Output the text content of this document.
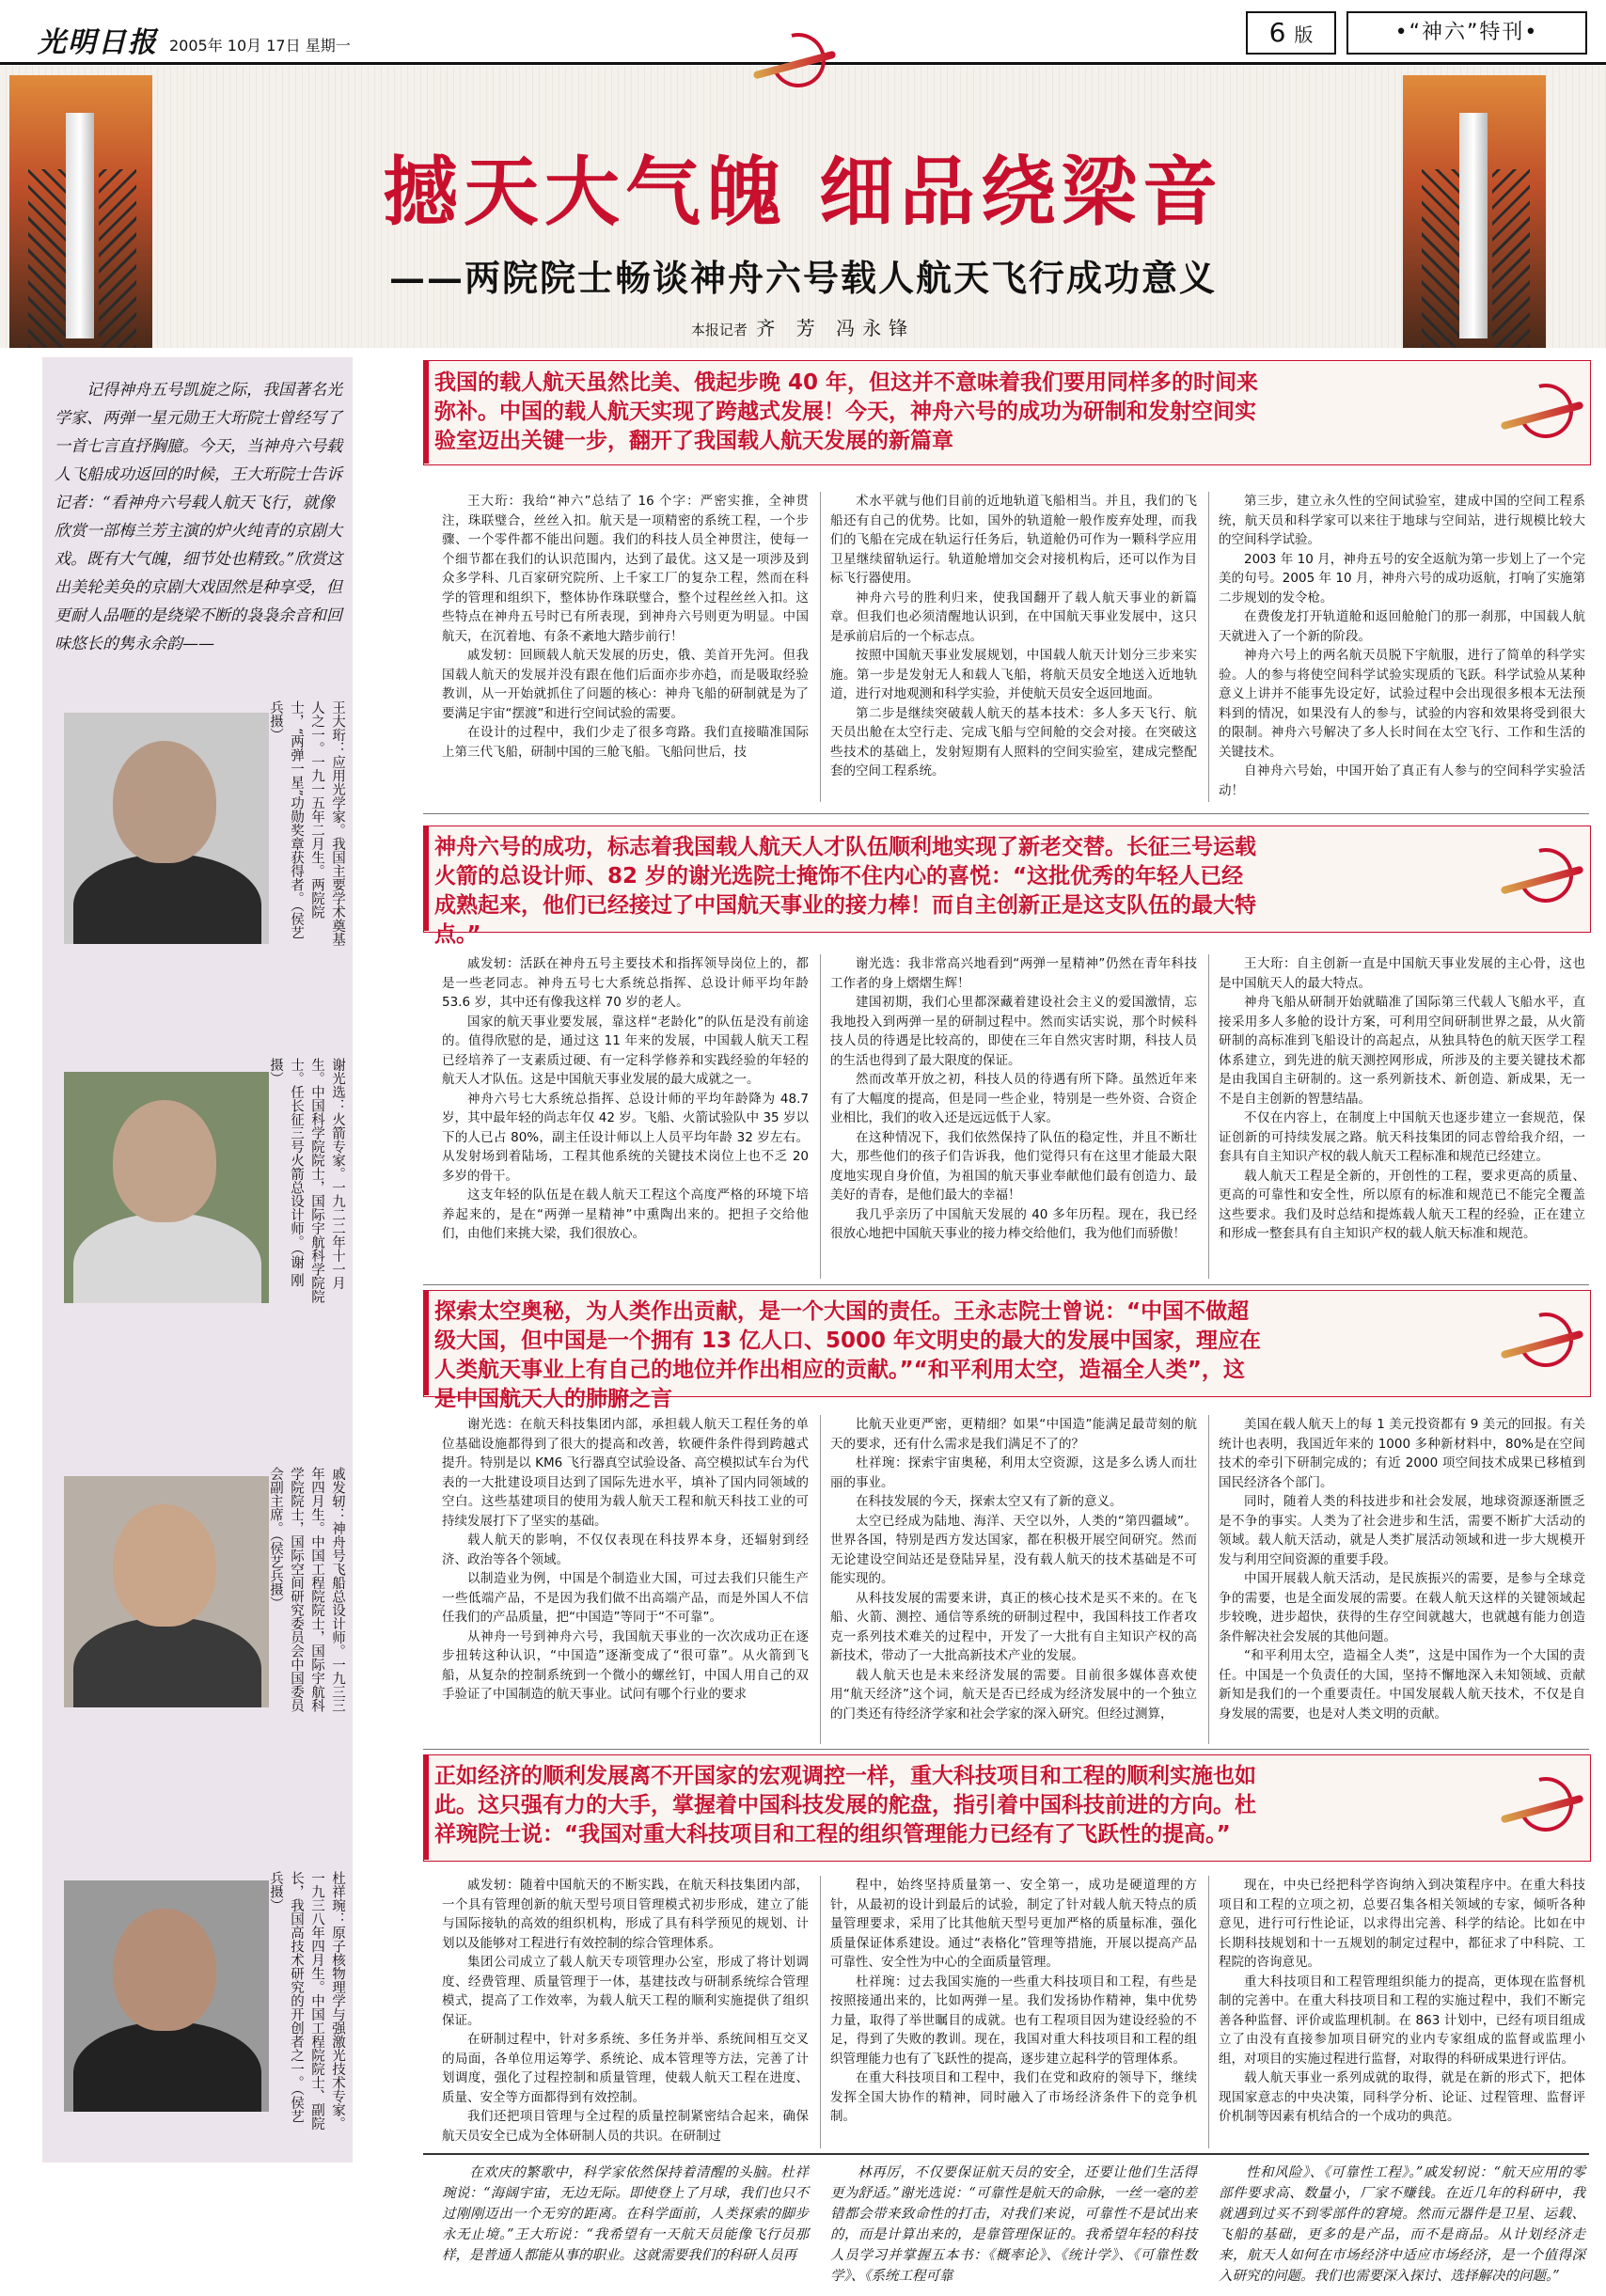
光明日报 2005年 10月 17日 星期一	6 版	•“神六”特刊•
撼天大气魄 细品绕梁音
——两院院士畅谈神舟六号载人航天飞行成功意义
本报记者 齐 芳 冯永锋
记得神舟五号凯旋之际，我国著名光学家、两弹一星元勋王大珩院士曾经写了一首七言直抒胸臆。今天，当神舟六号载人飞船成功返回的时候，王大珩院士告诉记者：“看神舟六号载人航天飞行，就像欣赏一部梅兰芳主演的炉火纯青的京剧大戏。既有大气魄，细节处也精致。”欣赏这出美轮美奂的京剧大戏固然是种享受，但更耐人品咂的是绕梁不断的袅袅余音和回味悠长的隽永余韵——
王大珩：应用光学家。我国主要学术奠基人之一。一九一五年二月生。两院院士，“两弹一星”功勋奖章获得者。（侯艺兵摄）
谢光选：火箭专家。一九二二年十一月生。中国科学院院士，国际宇航科学院院士。任长征三号火箭总设计师。（谢 刚摄）
戚发轫：神舟号飞船总设计师。一九三三年四月生。中国工程院院士，国际宇航科学院院士，国际空间研究委员会中国委员会副主席。（侯艺兵摄）
杜祥琬：原子核物理学与强激光技术专家。一九三八年四月生。中国工程院院士、副院长，我国高技术研究的开创者之一。（侯艺兵摄）
我国的载人航天虽然比美、俄起步晚 40 年，但这并不意味着我们要用同样多的时间来弥补。中国的载人航天实现了跨越式发展！今天，神舟六号的成功为研制和发射空间实验室迈出关键一步，翻开了我国载人航天发展的新篇章

王大珩：我给“神六”总结了 16 个字：严密实推，全神贯注，珠联璧合，丝丝入扣。航天是一项精密的系统工程，一个步骤、一个零件都不能出问题。我们的科技人员全神贯注，使每一个细节都在我们的认识范围内，达到了最优。这又是一项涉及到众多学科、几百家研究院所、上千家工厂的复杂工程，然而在科学的管理和组织下，整体协作珠联璧合，整个过程丝丝入扣。这些特点在神舟五号时已有所表现，到神舟六号则更为明显。中国航天，在沉着地、有条不紊地大踏步前行！

戚发轫：回顾载人航天发展的历史，俄、美首开先河。但我国载人航天的发展并没有跟在他们后面亦步亦趋，而是吸取经验教训，从一开始就抓住了问题的核心：神舟飞船的研制就是为了要满足宇宙“摆渡”和进行空间试验的需要。

在设计的过程中，我们少走了很多弯路。我们直接瞄准国际上第三代飞船，研制中国的三舱飞船。飞船问世后，技

术水平就与他们目前的近地轨道飞船相当。并且，我们的飞船还有自己的优势。比如，国外的轨道舱一般作废弃处理，而我们的飞船在完成在轨运行任务后，轨道舱仍可作为一颗科学应用卫星继续留轨运行。轨道舱增加交会对接机构后，还可以作为目标飞行器使用。

神舟六号的胜利归来，使我国翻开了载人航天事业的新篇章。但我们也必须清醒地认识到，在中国航天事业发展中，这只是承前启后的一个标志点。

按照中国航天事业发展规划，中国载人航天计划分三步来实施。第一步是发射无人和载人飞船，将航天员安全地送入近地轨道，进行对地观测和科学实验，并使航天员安全返回地面。

第二步是继续突破载人航天的基本技术：多人多天飞行、航天员出舱在太空行走、完成飞船与空间舱的交会对接。在突破这些技术的基础上，发射短期有人照料的空间实验室，建成完整配套的空间工程系统。

第三步，建立永久性的空间试验室，建成中国的空间工程系统，航天员和科学家可以来往于地球与空间站，进行规模比较大的空间科学试验。

2003 年 10 月，神舟五号的安全返航为第一步划上了一个完美的句号。2005 年 10 月，神舟六号的成功返航，打响了实施第二步规划的发令枪。

在费俊龙打开轨道舱和返回舱舱门的那一刹那，中国载人航天就进入了一个新的阶段。

神舟六号上的两名航天员脱下宇航服，进行了简单的科学实验。人的参与将使空间科学试验实现质的飞跃。科学试验从某种意义上讲并不能事先设定好，试验过程中会出现很多根本无法预料到的情况，如果没有人的参与，试验的内容和效果将受到很大的限制。神舟六号解决了多人长时间在太空飞行、工作和生活的关键技术。

自神舟六号始，中国开始了真正有人参与的空间科学实验活动！

神舟六号的成功，标志着我国载人航天人才队伍顺利地实现了新老交替。长征三号运载火箭的总设计师、82 岁的谢光选院士掩饰不住内心的喜悦：“这批优秀的年轻人已经成熟起来，他们已经接过了中国航天事业的接力棒！而自主创新正是这支队伍的最大特点。”

戚发轫：活跃在神舟五号主要技术和指挥领导岗位上的，都是一些老同志。神舟五号七大系统总指挥、总设计师平均年龄 53.6 岁，其中还有像我这样 70 岁的老人。

国家的航天事业要发展，靠这样“老龄化”的队伍是没有前途的。值得欣慰的是，通过这 11 年来的发展，中国载人航天工程已经培养了一支素质过硬、有一定科学修养和实践经验的年轻的航天人才队伍。这是中国航天事业发展的最大成就之一。

神舟六号七大系统总指挥、总设计师的平均年龄降为 48.7 岁，其中最年轻的尚志年仅 42 岁。飞船、火箭试验队中 35 岁以下的人已占 80%，副主任设计师以上人员平均年龄 32 岁左右。从发射场到着陆场，工程其他系统的关键技术岗位上也不乏 20 多岁的骨干。

这支年轻的队伍是在载人航天工程这个高度严格的环境下培养起来的，是在“两弹一星精神”中熏陶出来的。把担子交给他们，由他们来挑大梁，我们很放心。

谢光选：我非常高兴地看到“两弹一星精神”仍然在青年科技工作者的身上熠熠生辉！

建国初期，我们心里都深藏着建设社会主义的爱国激情，忘我地投入到两弹一星的研制过程中。然而实话实说，那个时候科技人员的待遇是比较高的，即使在三年自然灾害时期，科技人员的生活也得到了最大限度的保证。

然而改革开放之初，科技人员的待遇有所下降。虽然近年来有了大幅度的提高，但是同一些企业，特别是一些外资、合资企业相比，我们的收入还是远远低于人家。

在这种情况下，我们依然保持了队伍的稳定性，并且不断壮大，那些他们的孩子们告诉我，他们觉得只有在这里才能最大限度地实现自身价值，为祖国的航天事业奉献他们最有创造力、最美好的青春，是他们最大的幸福！

我几乎亲历了中国航天发展的 40 多年历程。现在，我已经很放心地把中国航天事业的接力棒交给他们，我为他们而骄傲！

王大珩：自主创新一直是中国航天事业发展的主心骨，这也是中国航天人的最大特点。

神舟飞船从研制开始就瞄准了国际第三代载人飞船水平，直接采用多人多舱的设计方案，可利用空间研制世界之最，从火箭研制的高标准到飞船设计的高起点，从独具特色的航天医学工程体系建立，到先进的航天测控网形成，所涉及的主要关键技术都是由我国自主研制的。这一系列新技术、新创造、新成果，无一不是自主创新的智慧结晶。

不仅在内容上，在制度上中国航天也逐步建立一套规范，保证创新的可持续发展之路。航天科技集团的同志曾给我介绍，一套具有自主知识产权的载人航天工程标准和规范已经建立。

载人航天工程是全新的，开创性的工程，要求更高的质量、更高的可靠性和安全性，所以原有的标准和规范已不能完全覆盖这些要求。我们及时总结和提炼载人航天工程的经验，正在建立和形成一整套具有自主知识产权的载人航天标准和规范。

探索太空奥秘，为人类作出贡献，是一个大国的责任。王永志院士曾说：“中国不做超级大国，但中国是一个拥有 13 亿人口、5000 年文明史的最大的发展中国家，理应在人类航天事业上有自己的地位并作出相应的贡献。”“和平利用太空，造福全人类”，这是中国航天人的肺腑之言

谢光选：在航天科技集团内部，承担载人航天工程任务的单位基础设施都得到了很大的提高和改善，软硬件条件得到跨越式提升。特别是以 KM6 飞行器真空试验设备、高空模拟试车台为代表的一大批建设项目达到了国际先进水平，填补了国内同领域的空白。这些基建项目的使用为载人航天工程和航天科技工业的可持续发展打下了坚实的基础。

载人航天的影响，不仅仅表现在科技界本身，还辐射到经济、政治等各个领域。

以制造业为例，中国是个制造业大国，可过去我们只能生产一些低端产品，不是因为我们做不出高端产品，而是外国人不信任我们的产品质量，把“中国造”等同于“不可靠”。

从神舟一号到神舟六号，我国航天事业的一次次成功正在逐步扭转这种认识，“中国造”逐渐变成了“很可靠”。从火箭到飞船，从复杂的控制系统到一个微小的螺丝钉，中国人用自己的双手验证了中国制造的航天事业。试问有哪个行业的要求

比航天业更严密，更精细？如果“中国造”能满足最苛刻的航天的要求，还有什么需求是我们满足不了的？

杜祥琬：探索宇宙奥秘，利用太空资源，这是多么诱人而壮丽的事业。

在科技发展的今天，探索太空又有了新的意义。

太空已经成为陆地、海洋、天空以外，人类的“第四疆域”。世界各国，特别是西方发达国家，都在积极开展空间研究。然而无论建设空间站还是登陆异星，没有载人航天的技术基础是不可能实现的。

从科技发展的需要来讲，真正的核心技术是买不来的。在飞船、火箭、测控、通信等系统的研制过程中，我国科技工作者攻克一系列技术难关的过程中，开发了一大批有自主知识产权的高新技术，带动了一大批高新技术产业的发展。

载人航天也是未来经济发展的需要。目前很多媒体喜欢使用“航天经济”这个词，航天是否已经成为经济发展中的一个独立的门类还有待经济学家和社会学家的深入研究。但经过测算，

美国在载人航天上的每 1 美元投资都有 9 美元的回报。有关统计也表明，我国近年来的 1000 多种新材料中，80%是在空间技术的牵引下研制完成的；有近 2000 项空间技术成果已移植到国民经济各个部门。

同时，随着人类的科技进步和社会发展，地球资源逐渐匮乏是不争的事实。人类为了社会进步和生活，需要不断扩大活动的领域。载人航天活动，就是人类扩展活动领域和进一步大规模开发与利用空间资源的重要手段。

中国开展载人航天活动，是民族振兴的需要，是参与全球竞争的需要，也是全面发展的需要。在载人航天这样的关键领域起步较晚，进步超快，获得的生存空间就越大，也就越有能力创造条件解决社会发展的其他问题。

“和平利用太空，造福全人类”，这是中国作为一个大国的责任。中国是一个负责任的大国，坚持不懈地深入未知领域、贡献新知是我们的一个重要责任。中国发展载人航天技术，不仅是自身发展的需要，也是对人类文明的贡献。

正如经济的顺利发展离不开国家的宏观调控一样，重大科技项目和工程的顺利实施也如此。这只强有力的大手，掌握着中国科技发展的舵盘，指引着中国科技前进的方向。杜祥琬院士说：“我国对重大科技项目和工程的组织管理能力已经有了飞跃性的提高。”

戚发轫：随着中国航天的不断实践，在航天科技集团内部，一个具有管理创新的航天型号项目管理模式初步形成，建立了能与国际接轨的高效的组织机构，形成了具有科学预见的规划、计划以及能够对工程进行有效控制的综合管理体系。

集团公司成立了载人航天专项管理办公室，形成了将计划调度、经费管理、质量管理于一体，基建技改与研制系统综合管理模式，提高了工作效率，为载人航天工程的顺利实施提供了组织保证。

在研制过程中，针对多系统、多任务并举、系统间相互交叉的局面，各单位用运筹学、系统论、成本管理等方法，完善了计划调度，强化了过程控制和质量管理，使载人航天工程在进度、质量、安全等方面都得到有效控制。

我们还把项目管理与全过程的质量控制紧密结合起来，确保航天员安全已成为全体研制人员的共识。在研制过

程中，始终坚持质量第一、安全第一，成功是硬道理的方针，从最初的设计到最后的试验，制定了针对载人航天特点的质量管理要求，采用了比其他航天型号更加严格的质量标准，强化质量保证体系建设。通过“表格化”管理等措施，开展以提高产品可靠性、安全性为中心的全面质量管理。

杜祥琬：过去我国实施的一些重大科技项目和工程，有些是按照接通出来的，比如两弹一星。我们发扬协作精神，集中优势力量，取得了举世瞩目的成就。也有工程项目因为建设经验的不足，得到了失败的教训。现在，我国对重大科技项目和工程的组织管理能力也有了飞跃性的提高，逐步建立起科学的管理体系。

在重大科技项目和工程中，我们在党和政府的领导下，继续发挥全国大协作的精神，同时融入了市场经济条件下的竞争机制。

现在，中央已经把科学咨询纳入到决策程序中。在重大科技项目和工程的立项之初，总要召集各相关领域的专家，倾听各种意见，进行可行性论证，以求得出完善、科学的结论。比如在中长期科技规划和十一五规划的制定过程中，都征求了中科院、工程院的咨询意见。

重大科技项目和工程管理组织能力的提高，更体现在监督机制的完善中。在重大科技项目和工程的实施过程中，我们不断完善各种监督、评价或监理机制。在 863 计划中，已经有项目组成立了由没有直接参加项目研究的业内专家组成的监督或监理小组，对项目的实施过程进行监督，对取得的科研成果进行评估。

载人航天事业一系列成就的取得，就是在新的形式下，把体现国家意志的中央决策，同科学分析、论证、过程管理、监督评价机制等因素有机结合的一个成功的典范。

在欢庆的繁歌中，科学家依然保持着清醒的头脑。杜祥琬说：“海阔宇宙，无边无际。即使登上了月球，我们也只不过刚刚迈出一个无穷的距离。在科学面前，人类探索的脚步永无止境。”王大珩说：“我希望有一天航天员能像飞行员那样，是普通人都能从事的职业。这就需要我们的科研人员再

林再厉，不仅要保证航天员的安全，还要让他们生活得更为舒适。”谢光选说：“可靠性是航天的命脉，一丝一毫的差错都会带来致命性的打击，对我们来说，可靠性不是试出来的，而是计算出来的，是靠管理保证的。我希望年轻的科技人员学习并掌握五本书：《概率论》、《统计学》、《可靠性数学》、《系统工程可靠

性和风险》、《可靠性工程》。”戚发轫说：“航天应用的零部件要求高、数量小，厂家不赚钱。在近几年的科研中，我就遇到过买不到零部件的窘境。然而元器件是卫星、运载、飞船的基础，更多的是产品，而不是商品。从计划经济走来，航天人如何在市场经济中适应市场经济，是一个值得深入研究的问题。我们也需要深入探讨、选择解决的问题。”
